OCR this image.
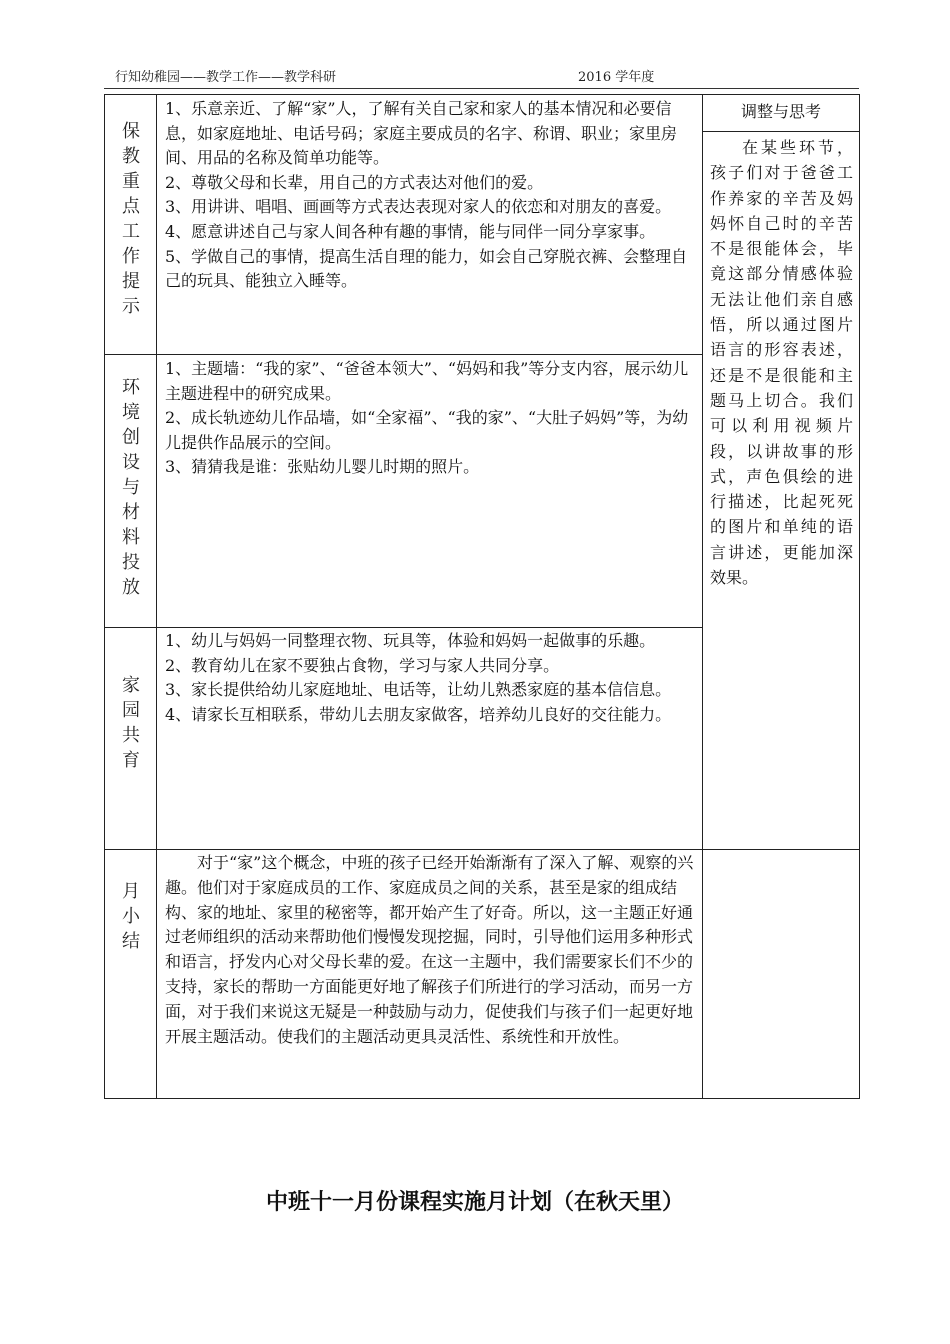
行知幼稚园——教学工作——教学科研	2016 学年度
保
教
重
点
工
作
提
示

1、乐意亲近、了解“家”人，了解有关自己家和家人的基本情况和必要信息，如家庭地址、电话号码；家庭主要成员的名字、称谓、职业；家里房间、用品的名称及简单功能等。

2、尊敬父母和长辈，用自己的方式表达对他们的爱。

3、用讲讲、唱唱、画画等方式表达表现对家人的依恋和对朋友的喜爱。

4、愿意讲述自己与家人间各种有趣的事情，能与同伴一同分享家事。

5、学做自己的事情，提高生活自理的能力，如会自己穿脱衣裤、会整理自己的玩具、能独立入睡等。

环
境
创
设
与
材
料
投
放

1、主题墙：“我的家”、“爸爸本领大”、“妈妈和我”等分支内容，展示幼儿主题进程中的研究成果。

2、成长轨迹幼儿作品墙，如“全家福”、“我的家”、“大肚子妈妈”等，为幼儿提供作品展示的空间。

3、猜猜我是谁：张贴幼儿婴儿时期的照片。

家
园
共
育

1、幼儿与妈妈一同整理衣物、玩具等，体验和妈妈一起做事的乐趣。

2、教育幼儿在家不要独占食物，学习与家人共同分享。

3、家长提供给幼儿家庭地址、电话等，让幼儿熟悉家庭的基本信信息。

4、请家长互相联系，带幼儿去朋友家做客，培养幼儿良好的交往能力。

月
小
结

对于“家”这个概念，中班的孩子已经开始渐渐有了深入了解、观察的兴趣。他们对于家庭成员的工作、家庭成员之间的关系，甚至是家的组成结构、家的地址、家里的秘密等，都开始产生了好奇。所以，这一主题正好通过老师组织的活动来帮助他们慢慢发现挖掘，同时，引导他们运用多种形式和语言，抒发内心对父母长辈的爱。在这一主题中，我们需要家长们不少的支持，家长的帮助一方面能更好地了解孩子们所进行的学习活动，而另一方面，对于我们来说这无疑是一种鼓励与动力，促使我们与孩子们一起更好地开展主题活动。使我们的主题活动更具灵活性、系统性和开放性。

调整与思考
在某些环节，孩子们对于爸爸工作养家的辛苦及妈妈怀自己时的辛苦不是很能体会，毕竟这部分情感体验无法让他们亲自感悟，所以通过图片语言的形容表述，还是不是很能和主题马上切合。我们可以利用视频片段，以讲故事的形式，声色俱绘的进行描述，比起死死的图片和单纯的语言讲述，更能加深效果。
中班十一月份课程实施月计划（在秋天里）
